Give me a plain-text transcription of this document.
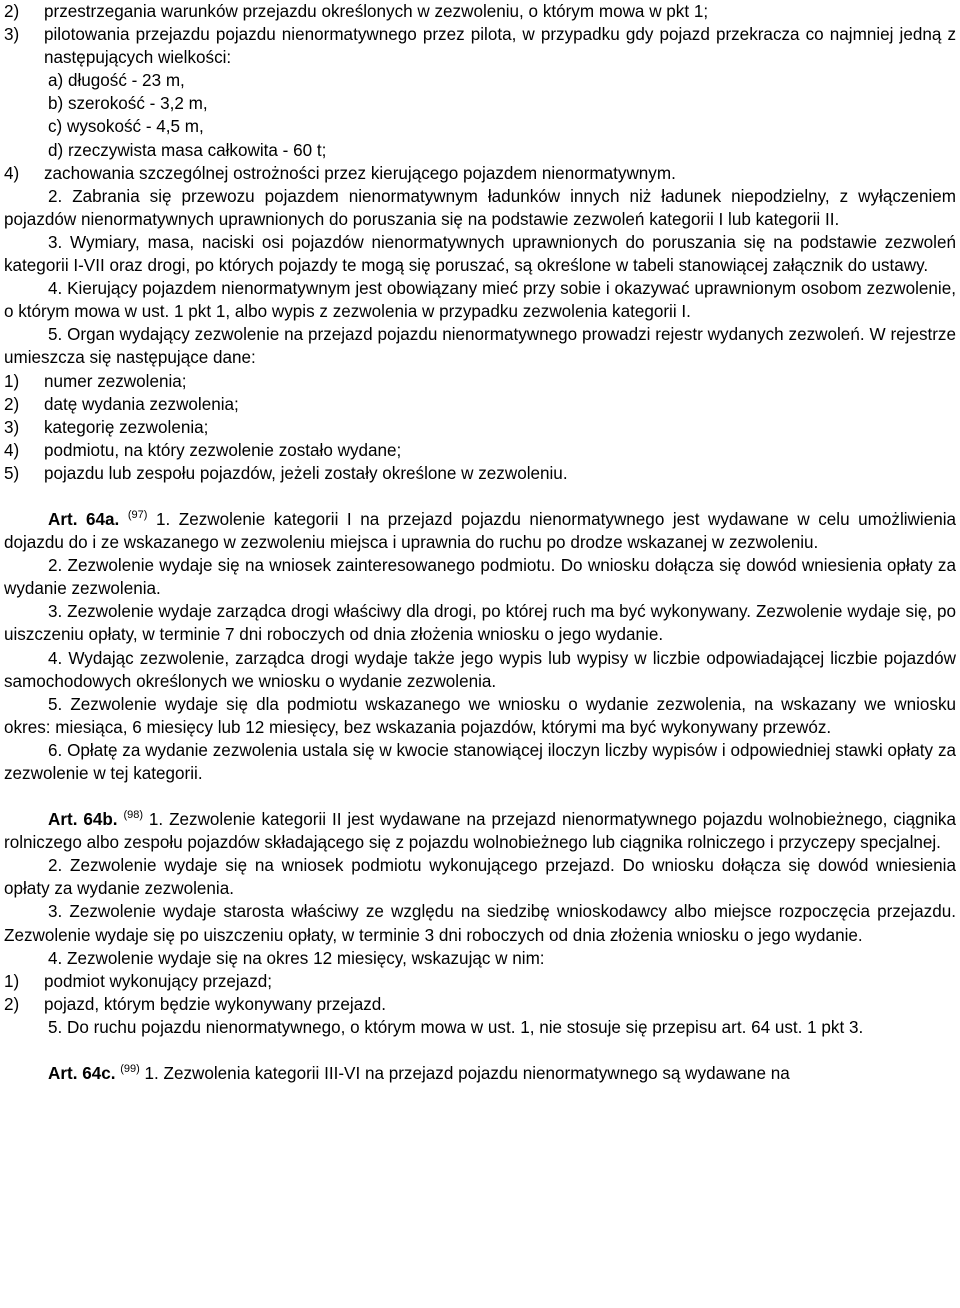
2)	przestrzegania warunków przejazdu określonych w zezwoleniu, o którym mowa w pkt 1;
3)	pilotowania przejazdu pojazdu nienormatywnego przez pilota, w przypadku gdy pojazd przekracza co najmniej jedną z następujących wielkości:

a) długość - 23 m,

b) szerokość - 3,2 m,

c) wysokość - 4,5 m,

d) rzeczywista masa całkowita - 60 t;

4)	zachowania szczególnej ostrożności przez kierującego pojazdem nienormatywnym.

2. Zabrania się przewozu pojazdem nienormatywnym ładunków innych niż ładunek niepodzielny, z wyłączeniem pojazdów nienormatywnych uprawnionych do poruszania się na podstawie zezwoleń kategorii I lub kategorii II.

3. Wymiary, masa, naciski osi pojazdów nienormatywnych uprawnionych do poruszania się na podstawie zezwoleń kategorii I-VII oraz drogi, po których pojazdy te mogą się poruszać, są określone w tabeli stanowiącej załącznik do ustawy.

4. Kierujący pojazdem nienormatywnym jest obowiązany mieć przy sobie i okazywać uprawnionym osobom zezwolenie, o którym mowa w ust. 1 pkt 1, albo wypis z zezwolenia w przypadku zezwolenia kategorii I.

5. Organ wydający zezwolenie na przejazd pojazdu nienormatywnego prowadzi rejestr wydanych zezwoleń. W rejestrze umieszcza się następujące dane:

1)	numer zezwolenia;
2)	datę wydania zezwolenia;
3)	kategorię zezwolenia;
4)	podmiotu, na który zezwolenie zostało wydane;
5)	pojazdu lub zespołu pojazdów, jeżeli zostały określone w zezwoleniu.

Art. 64a. $^{(97)}$ 1. Zezwolenie kategorii I na przejazd pojazdu nienormatywnego jest wydawane w celu umożliwienia dojazdu do i ze wskazanego w zezwoleniu miejsca i uprawnia do ruchu po drodze wskazanej w zezwoleniu.

2. Zezwolenie wydaje się na wniosek zainteresowanego podmiotu. Do wniosku dołącza się dowód wniesienia opłaty za wydanie zezwolenia.

3. Zezwolenie wydaje zarządca drogi właściwy dla drogi, po której ruch ma być wykonywany. Zezwolenie wydaje się, po uiszczeniu opłaty, w terminie 7 dni roboczych od dnia złożenia wniosku o jego wydanie.

4. Wydając zezwolenie, zarządca drogi wydaje także jego wypis lub wypisy w liczbie odpowiadającej liczbie pojazdów samochodowych określonych we wniosku o wydanie zezwolenia.

5. Zezwolenie wydaje się dla podmiotu wskazanego we wniosku o wydanie zezwolenia, na wskazany we wniosku okres: miesiąca, 6 miesięcy lub 12 miesięcy, bez wskazania pojazdów, którymi ma być wykonywany przewóz.

6. Opłatę za wydanie zezwolenia ustala się w kwocie stanowiącej iloczyn liczby wypisów i odpowiedniej stawki opłaty za zezwolenie w tej kategorii.

Art. 64b. $^{(98)}$ 1. Zezwolenie kategorii II jest wydawane na przejazd nienormatywnego pojazdu wolnobieżnego, ciągnika rolniczego albo zespołu pojazdów składającego się z pojazdu wolnobieżnego lub ciągnika rolniczego i przyczepy specjalnej.

2. Zezwolenie wydaje się na wniosek podmiotu wykonującego przejazd. Do wniosku dołącza się dowód wniesienia opłaty za wydanie zezwolenia.

3. Zezwolenie wydaje starosta właściwy ze względu na siedzibę wnioskodawcy albo miejsce rozpoczęcia przejazdu. Zezwolenie wydaje się po uiszczeniu opłaty, w terminie 3 dni roboczych od dnia złożenia wniosku o jego wydanie.

4. Zezwolenie wydaje się na okres 12 miesięcy, wskazując w nim:

1)	podmiot wykonujący przejazd;
2)	pojazd, którym będzie wykonywany przejazd.

5. Do ruchu pojazdu nienormatywnego, o którym mowa w ust. 1, nie stosuje się przepisu art. 64 ust. 1 pkt 3.

Art. 64c. $^{(99)}$ 1. Zezwolenia kategorii III-VI na przejazd pojazdu nienormatywnego są wydawane na
